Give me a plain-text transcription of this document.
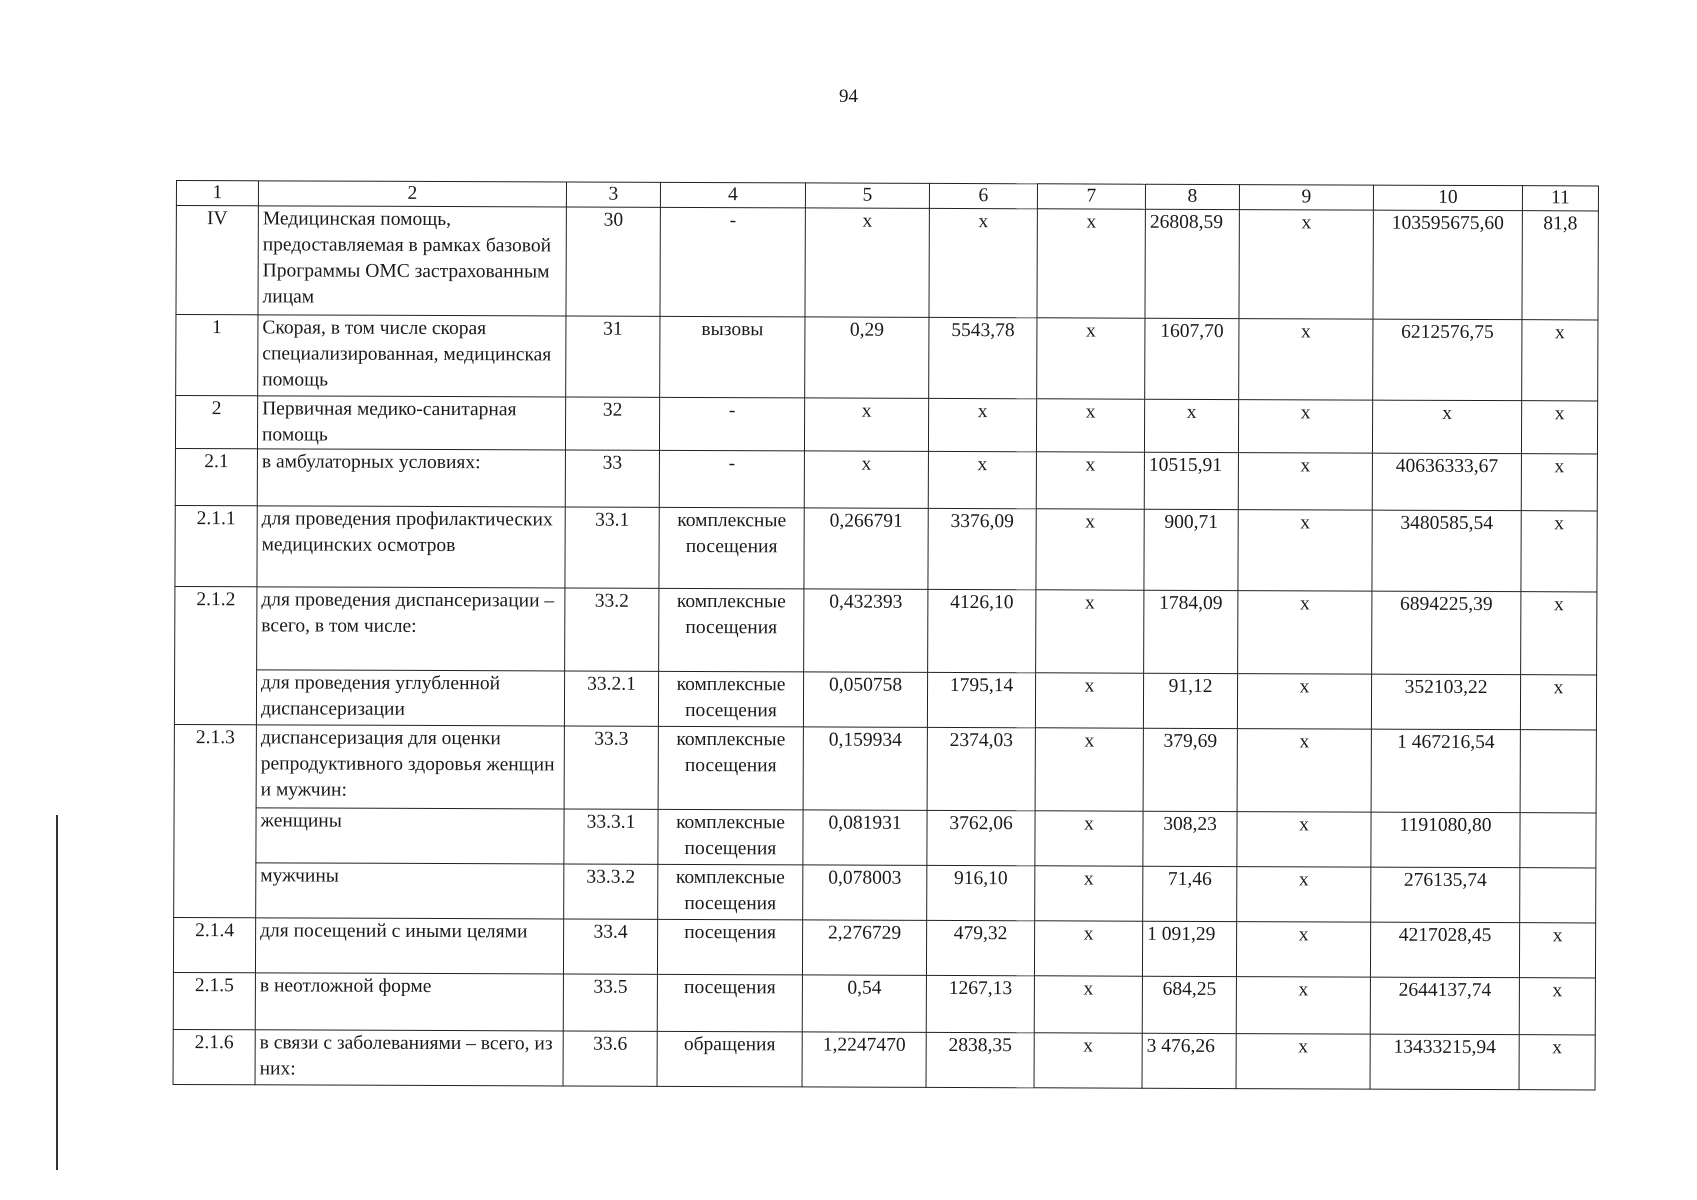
94
1	2	3	4	5	6	7	8	9	10	11
IV	Медицинская помощь, предоставляемая в рамках базовой Программы ОМС застрахованным лицам	30	-	x	x	x	26808,59	x	103595675,60	81,8
1	Скорая, в том числе скорая специализированная, медицинская помощь	31	вызовы	0,29	5543,78	x	1607,70	x	6212576,75	x
2	Первичная медико-санитарная помощь	32	-	x	x	x	x	x	x	x
2.1	в амбулаторных условиях:	33	-	x	x	x	10515,91	x	40636333,67	x
2.1.1	для проведения профилактических медицинских осмотров	33.1	комплексные посещения	0,266791	3376,09	x	900,71	x	3480585,54	x
2.1.2	для проведения диспансеризации – всего, в том числе:	33.2	комплексные посещения	0,432393	4126,10	x	1784,09	x	6894225,39	x
	для проведения углубленной диспансеризации	33.2.1	комплексные посещения	0,050758	1795,14	x	91,12	x	352103,22	x
2.1.3	диспансеризация для оценки репродуктивного здоровья женщин и мужчин:	33.3	комплексные посещения	0,159934	2374,03	x	379,69	x	1 467216,54	
	женщины	33.3.1	комплексные посещения	0,081931	3762,06	x	308,23	x	1191080,80	
	мужчины	33.3.2	комплексные посещения	0,078003	916,10	x	71,46	x	276135,74	
2.1.4	для посещений с иными целями	33.4	посещения	2,276729	479,32	x	1 091,29	x	4217028,45	x
2.1.5	в неотложной форме	33.5	посещения	0,54	1267,13	x	684,25	x	2644137,74	x
2.1.6	в связи с заболеваниями – всего, из них:	33.6	обращения	1,2247470	2838,35	x	3 476,26	x	13433215,94	x
